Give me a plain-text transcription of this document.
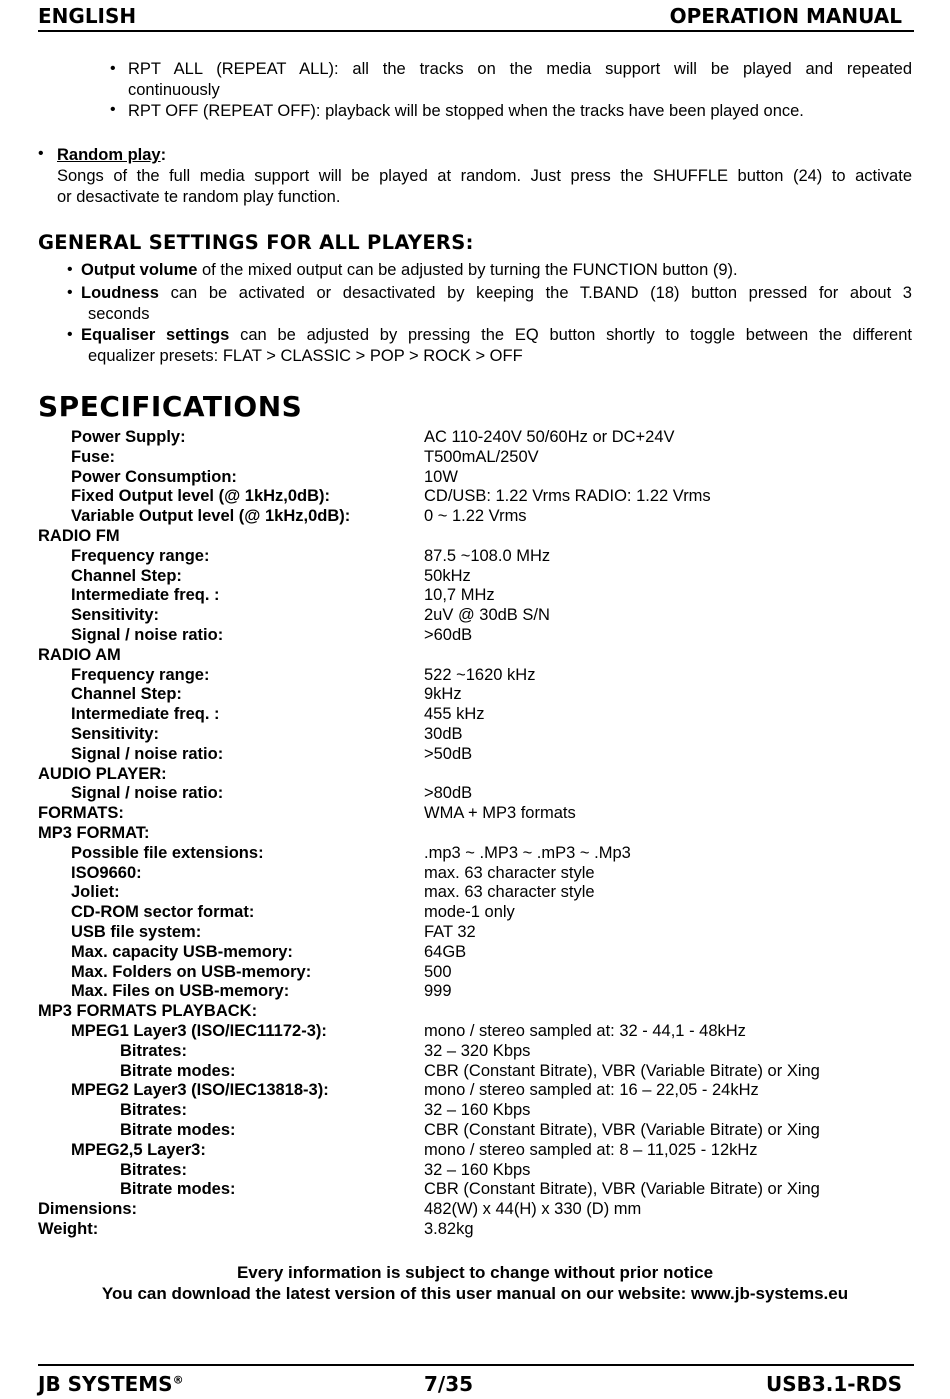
ENGLISH	OPERATION MANUAL
• RPT ALL (REPEAT ALL): all the tracks on the media support will be played and repeated
continuously
• RPT OFF (REPEAT OFF): playback will be stopped when the tracks have been played once.
• Random play:
Songs of the full media support will be played at random. Just press the SHUFFLE button (24) to activate
or desactivate te random play function.
GENERAL SETTINGS FOR ALL PLAYERS:
• Output volume of the mixed output can be adjusted by turning the FUNCTION button (9).
• Loudness can be activated or desactivated by keeping the T.BAND (18) button pressed for about 3
seconds
• Equaliser settings can be adjusted by pressing the EQ button shortly to toggle between the different
equalizer presets: FLAT > CLASSIC > POP > ROCK > OFF
SPECIFICATIONS
Power Supply:	AC 110-240V 50/60Hz or DC+24V
Fuse:	T500mAL/250V
Power Consumption:	10W
Fixed Output level (@ 1kHz,0dB):	CD/USB: 1.22 Vrms RADIO: 1.22 Vrms
Variable Output level (@ 1kHz,0dB):	0 ~ 1.22 Vrms
RADIO FM
Frequency range:	87.5 ~108.0 MHz
Channel Step:	50kHz
Intermediate freq. :	10,7 MHz
Sensitivity:	2uV @ 30dB S/N
Signal / noise ratio:	>60dB
RADIO AM
Frequency range:	522 ~1620 kHz
Channel Step:	9kHz
Intermediate freq. :	455 kHz
Sensitivity:	30dB
Signal / noise ratio:	>50dB
AUDIO PLAYER:
Signal / noise ratio:	>80dB
FORMATS:	WMA + MP3 formats
MP3 FORMAT:
Possible file extensions:	.mp3 ~ .MP3 ~ .mP3 ~ .Mp3
ISO9660:	max. 63 character style
Joliet:	max. 63 character style
CD-ROM sector format:	mode-1 only
USB file system:	FAT 32
Max. capacity USB-memory:	64GB
Max. Folders on USB-memory:	500
Max. Files on USB-memory:	999
MP3 FORMATS PLAYBACK:
MPEG1 Layer3 (ISO/IEC11172-3):	mono / stereo sampled at: 32 - 44,1 - 48kHz
Bitrates:	32 – 320 Kbps
Bitrate modes:	CBR (Constant Bitrate), VBR (Variable Bitrate) or Xing
MPEG2 Layer3 (ISO/IEC13818-3):	mono / stereo sampled at: 16 – 22,05 - 24kHz
Bitrates:	32 – 160 Kbps
Bitrate modes:	CBR (Constant Bitrate), VBR (Variable Bitrate) or Xing
MPEG2,5 Layer3:	mono / stereo sampled at: 8 – 11,025 - 12kHz
Bitrates:	32 – 160 Kbps
Bitrate modes:	CBR (Constant Bitrate), VBR (Variable Bitrate) or Xing
Dimensions:	482(W) x 44(H) x 330 (D) mm
Weight:	3.82kg
Every information is subject to change without prior notice
You can download the latest version of this user manual on our website: www.jb-systems.eu
JB SYSTEMS®	7/35	USB3.1-RDS
